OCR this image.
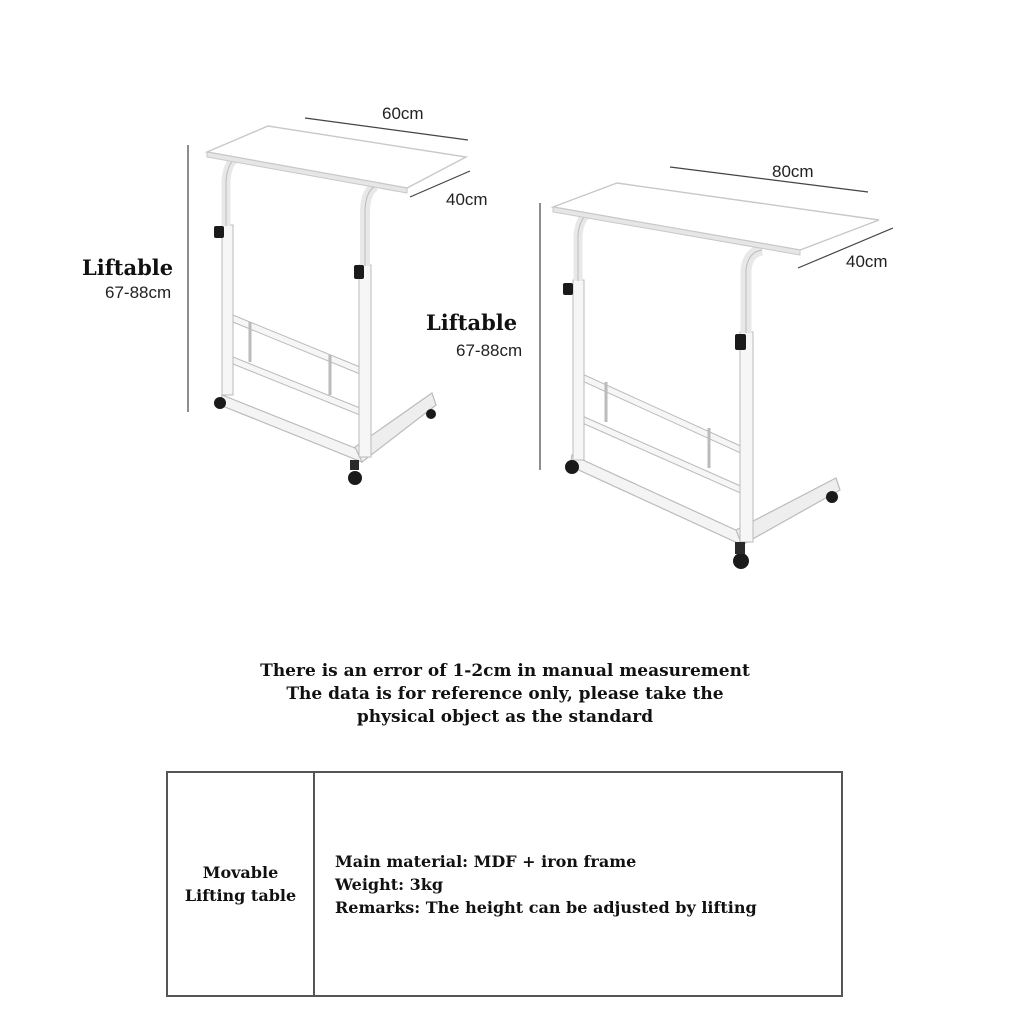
60cm
40cm
Liftable
67-88cm
80cm
40cm
Liftable
67-88cm
There is an error of 1-2cm in manual measurement
The data is for reference only, please take the
physical object as the standard
Movable
Lifting table
Main material: MDF + iron frame
Weight: 3kg
Remarks: The height can be adjusted by lifting
